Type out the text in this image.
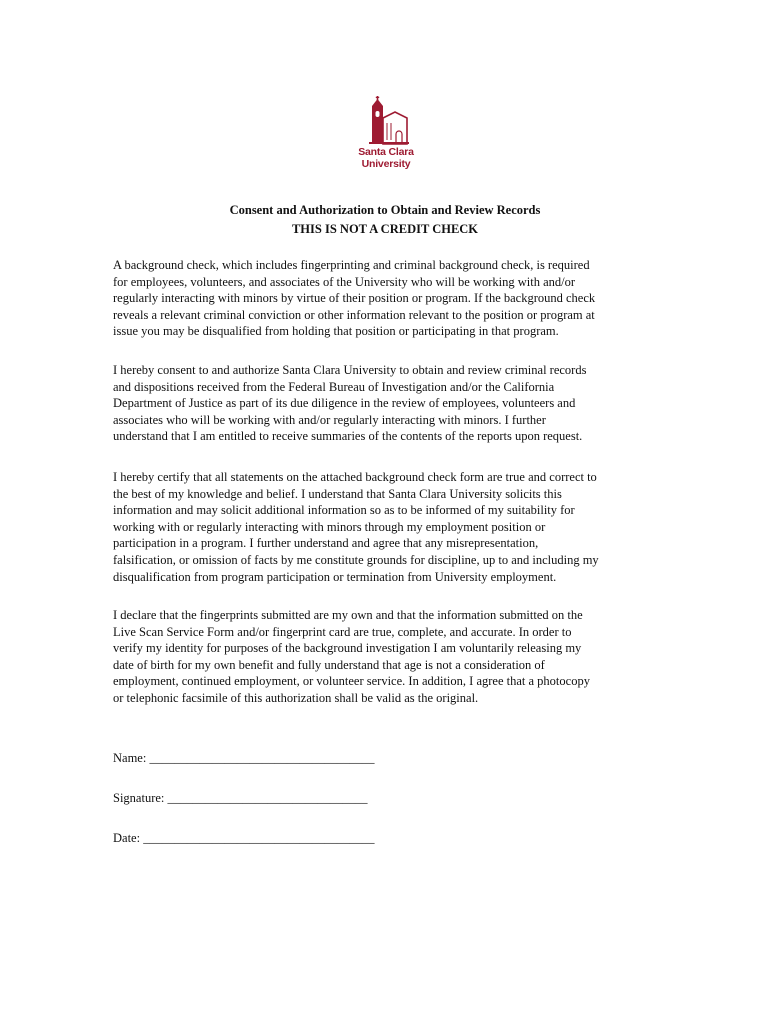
Santa Clara
University
Consent and Authorization to Obtain and Review Records
THIS IS NOT A CREDIT CHECK

A background check, which includes fingerprinting and criminal background check, is required
for employees, volunteers, and associates of the University who will be working with and/or
regularly interacting with minors by virtue of their position or program. If the background check
reveals a relevant criminal conviction or other information relevant to the position or program at
issue you may be disqualified from holding that position or participating in that program.

I hereby consent to and authorize Santa Clara University to obtain and review criminal records
and dispositions received from the Federal Bureau of Investigation and/or the California
Department of Justice as part of its due diligence in the review of employees, volunteers and
associates who will be working with and/or regularly interacting with minors. I further
understand that I am entitled to receive summaries of the contents of the reports upon request.

I hereby certify that all statements on the attached background check form are true and correct to
the best of my knowledge and belief. I understand that Santa Clara University solicits this
information and may solicit additional information so as to be informed of my suitability for
working with or regularly interacting with minors through my employment position or
participation in a program. I further understand and agree that any misrepresentation,
falsification, or omission of facts by me constitute grounds for discipline, up to and including my
disqualification from program participation or termination from University employment.

I declare that the fingerprints submitted are my own and that the information submitted on the
Live Scan Service Form and/or fingerprint card are true, complete, and accurate. In order to
verify my identity for purposes of the background investigation I am voluntarily releasing my
date of birth for my own benefit and fully understand that age is not a consideration of
employment, continued employment, or volunteer service. In addition, I agree that a photocopy
or telephonic facsimile of this authorization shall be valid as the original.

Name: ____________________________________
Signature: ________________________________
Date: _____________________________________
